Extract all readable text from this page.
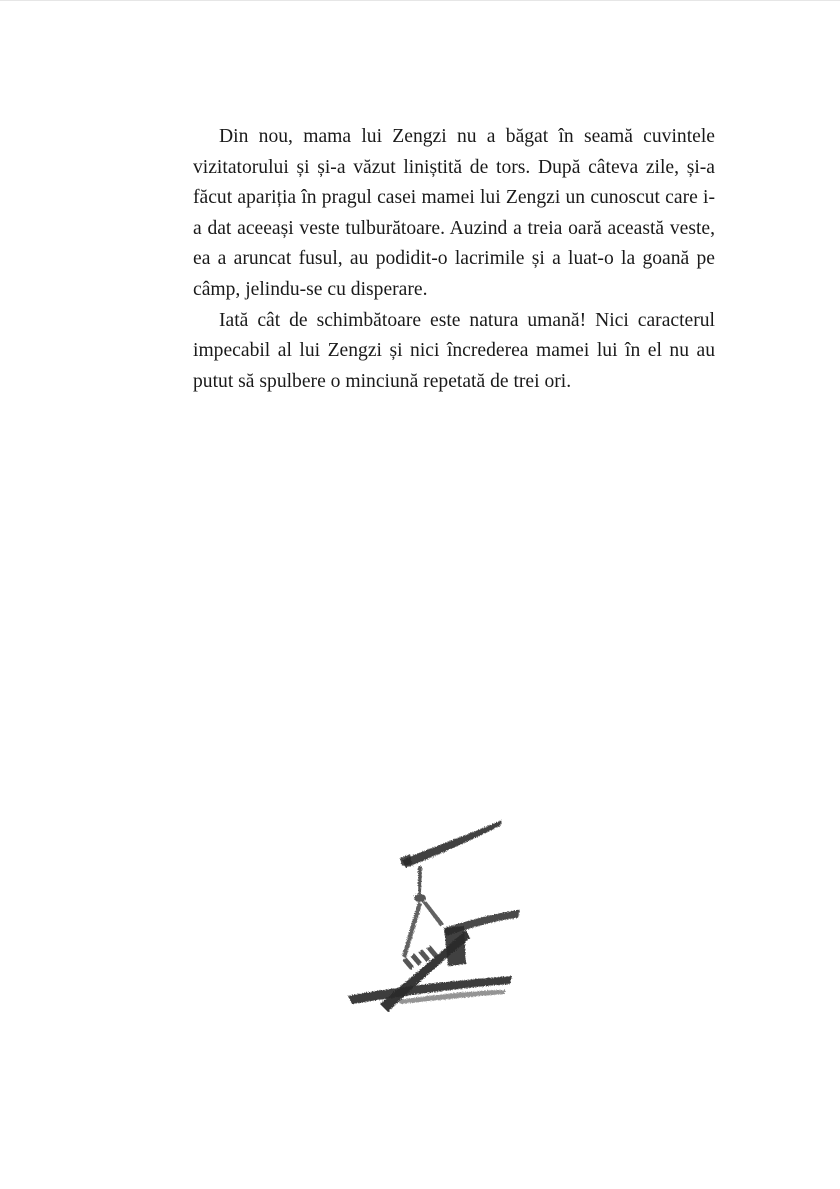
Din nou, mama lui Zengzi nu a băgat în seamă cuvintele vizitatorului și și-a văzut liniștită de tors. După câteva zile, și-a făcut apariția în pragul casei mamei lui Zengzi un cunoscut care i-a dat aceeași veste tulburătoare. Auzind a treia oară această veste, ea a aruncat fusul, au podidit-o lacrimile și a luat-o la goană pe câmp, jelindu-se cu disperare.

Iată cât de schimbătoare este natura umană! Nici caracterul impecabil al lui Zengzi și nici încrederea mamei lui în el nu au putut să spulbere o minciună repetată de trei ori.
